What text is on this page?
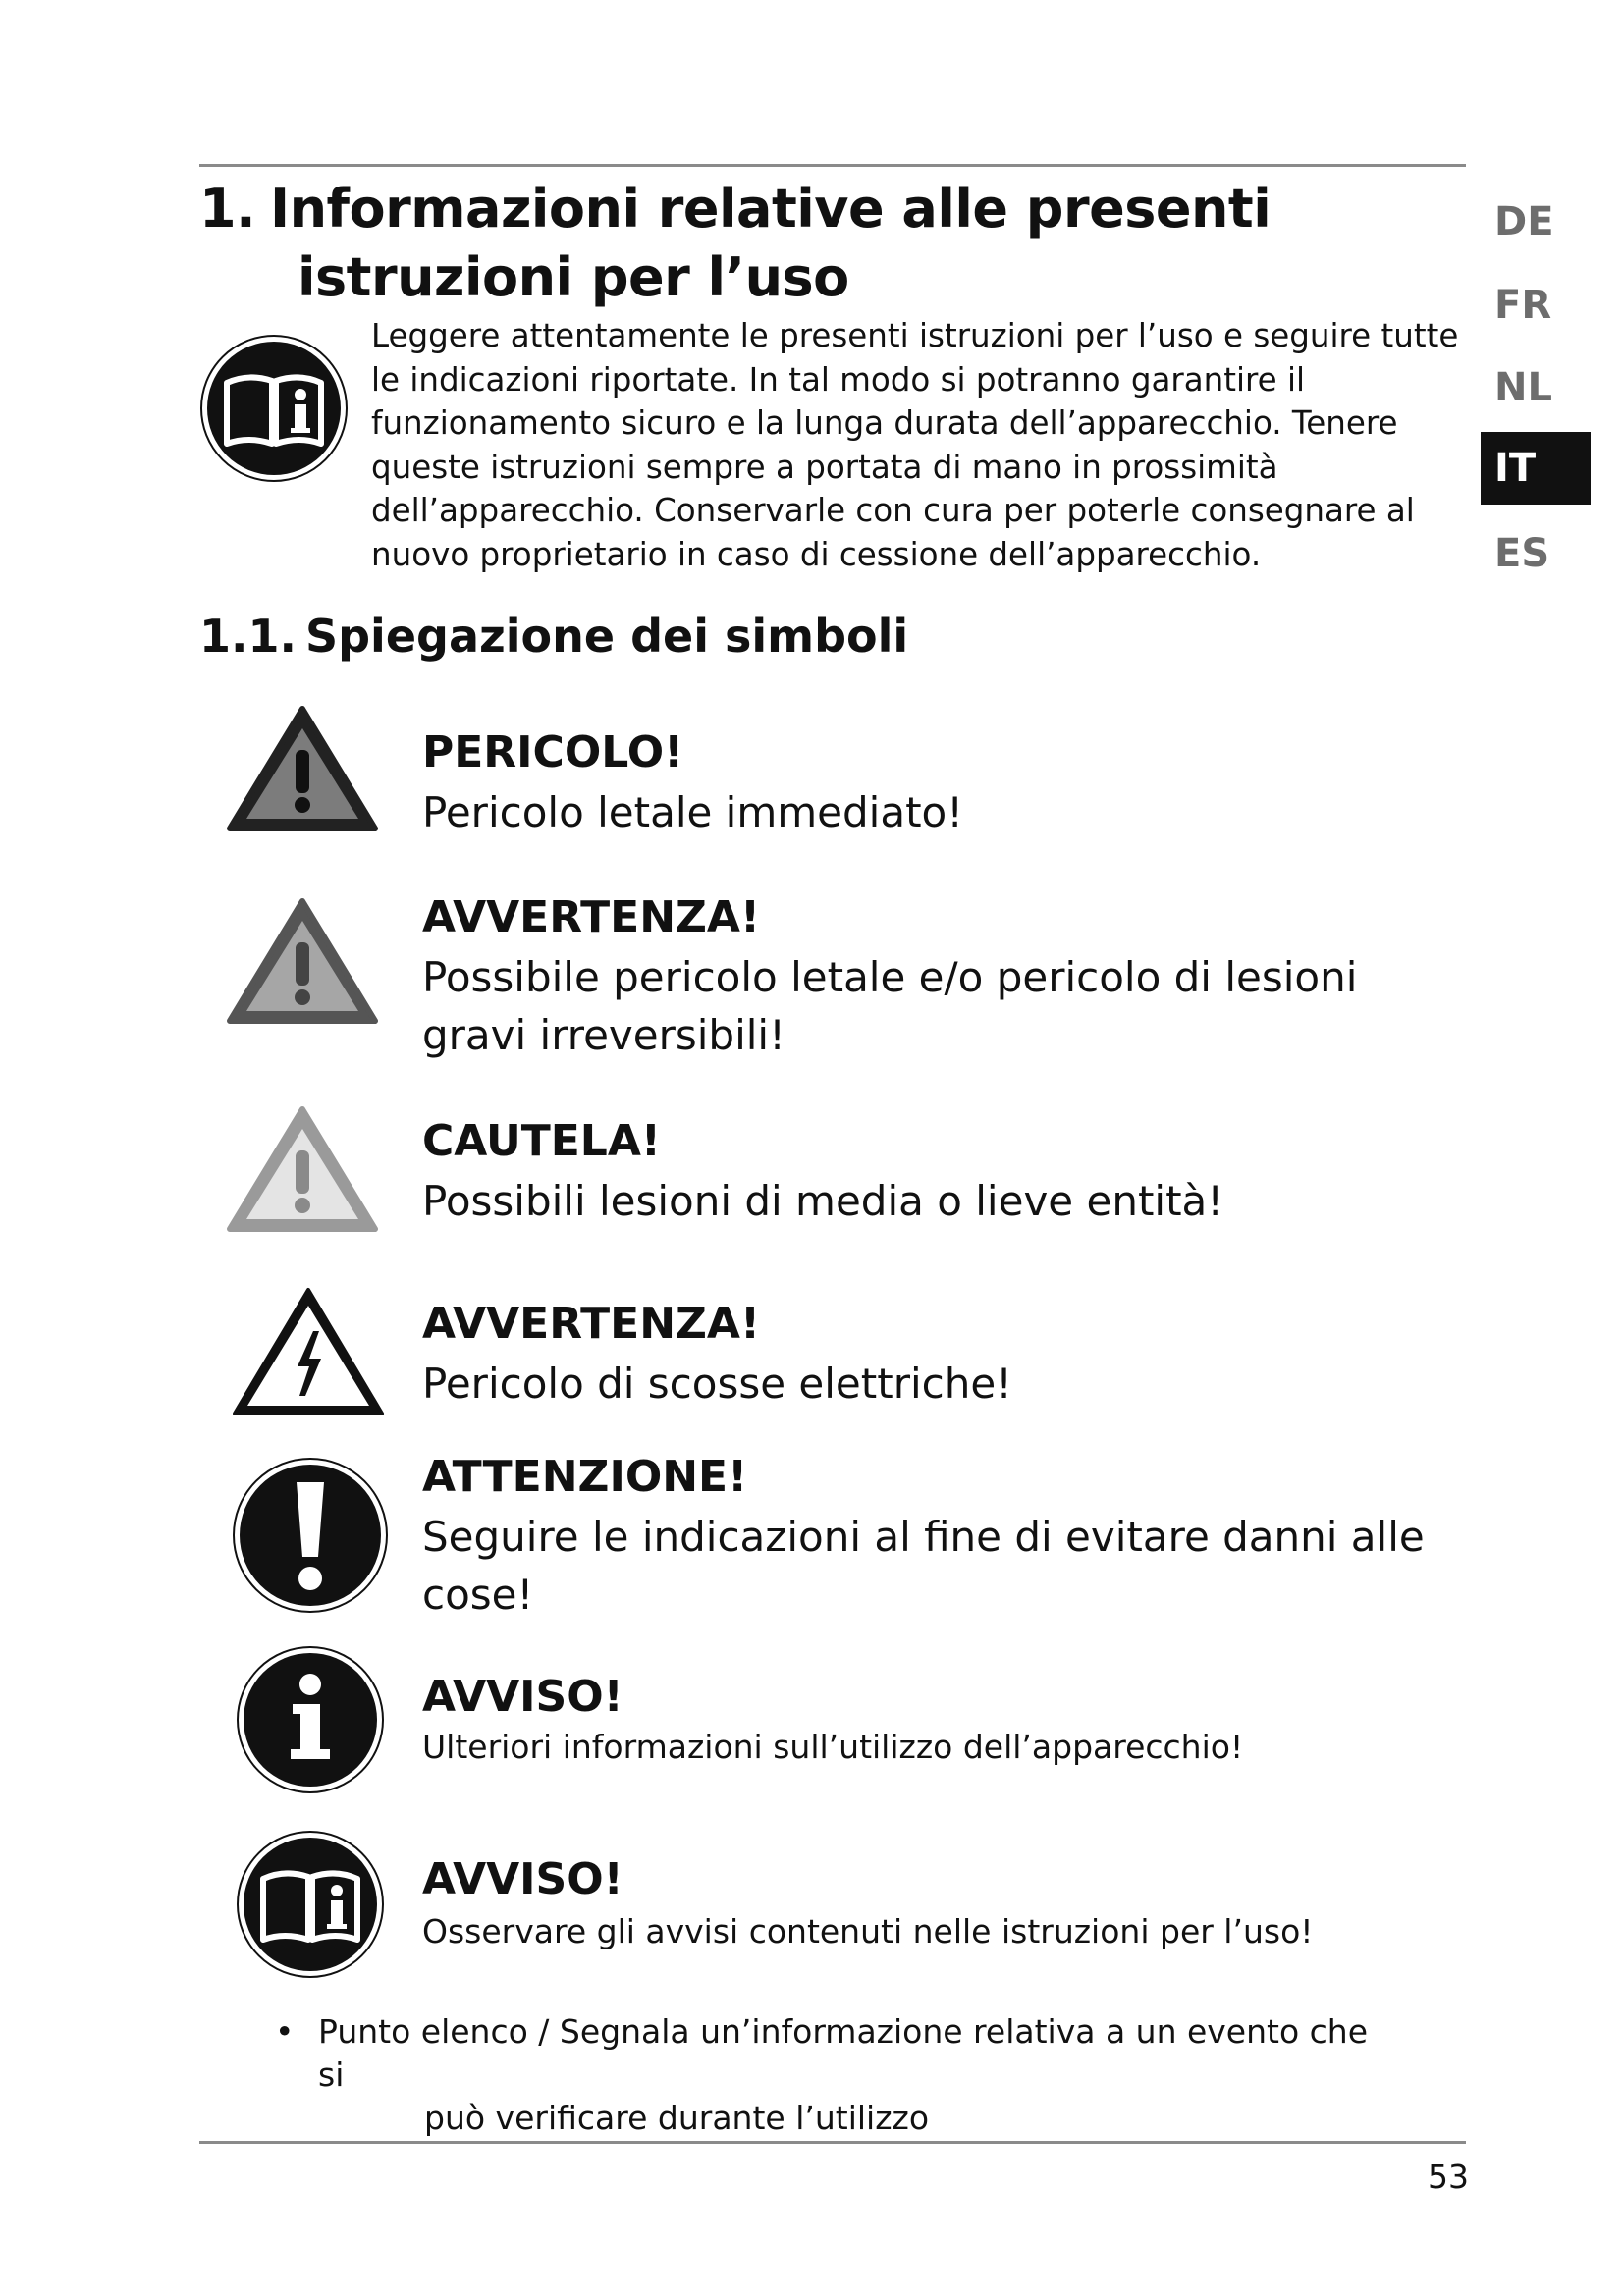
1. Informazioni relative alle presenti
istruzioni per l’uso

Leggere attentamente le presenti istruzioni per l’uso e seguire tutte le indicazioni riportate. In tal modo si potranno garantire il funzionamento sicuro e la lunga durata dell’apparecchio. Tenere queste istruzioni sempre a portata di mano in prossimità dell’apparecchio. Conservarle con cura per poterle consegnare al nuovo proprietario in caso di cessione dell’apparecchio.

1.1. Spiegazione dei simboli
PERICOLO!

Pericolo letale immediato!

AVVERTENZA!

Possibile pericolo letale e/o pericolo di lesioni gravi irreversibili!

CAUTELA!

Possibili lesioni di media o lieve entità!

AVVERTENZA!

Pericolo di scosse elettriche!

ATTENZIONE!

Seguire le indicazioni al fine di evitare danni alle cose!

AVVISO!

Ulteriori informazioni sull’utilizzo dell’apparecchio!

AVVISO!

Osservare gli avvisi contenuti nelle istruzioni per l’uso!

• Punto elenco / Segnala un’informazione relativa a un evento che si
può verificare durante l’utilizzo

DE
FR
NL
IT
ES
53
